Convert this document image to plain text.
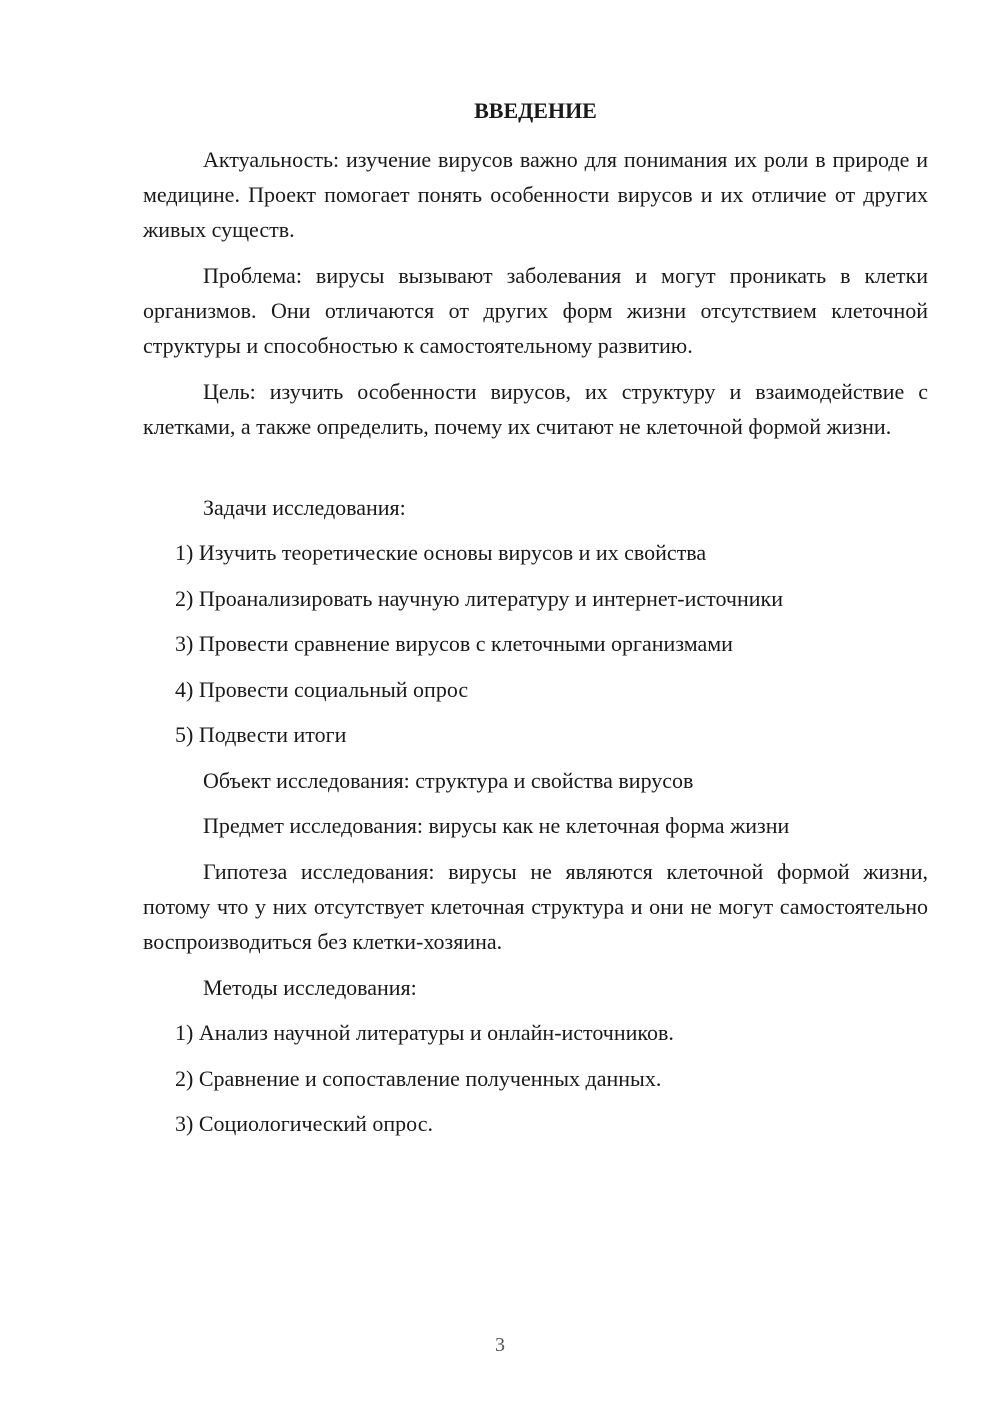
ВВЕДЕНИЕ

Актуальность: изучение вирусов важно для понимания их роли в природе и медицине. Проект помогает понять особенности вирусов и их отличие от других живых существ.

Проблема: вирусы вызывают заболевания и могут проникать в клетки организмов. Они отличаются от других форм жизни отсутствием клеточной структуры и способностью к самостоятельному развитию.

Цель: изучить особенности вирусов, их структуру и взаимодействие с клетками, а также определить, почему их считают не клеточной формой жизни.

Задачи исследования:

1) Изучить теоретические основы вирусов и их свойства

2) Проанализировать научную литературу и интернет-источники

3) Провести сравнение вирусов с клеточными организмами

4) Провести социальный опрос

5) Подвести итоги

Объект исследования: структура и свойства вирусов

Предмет исследования: вирусы как не клеточная форма жизни

Гипотеза исследования: вирусы не являются клеточной формой жизни, потому что у них отсутствует клеточная структура и они не могут самостоятельно воспроизводиться без клетки-хозяина.

Методы исследования:

1) Анализ научной литературы и онлайн-источников.

2) Сравнение и сопоставление полученных данных.

3) Социологический опрос.

3
